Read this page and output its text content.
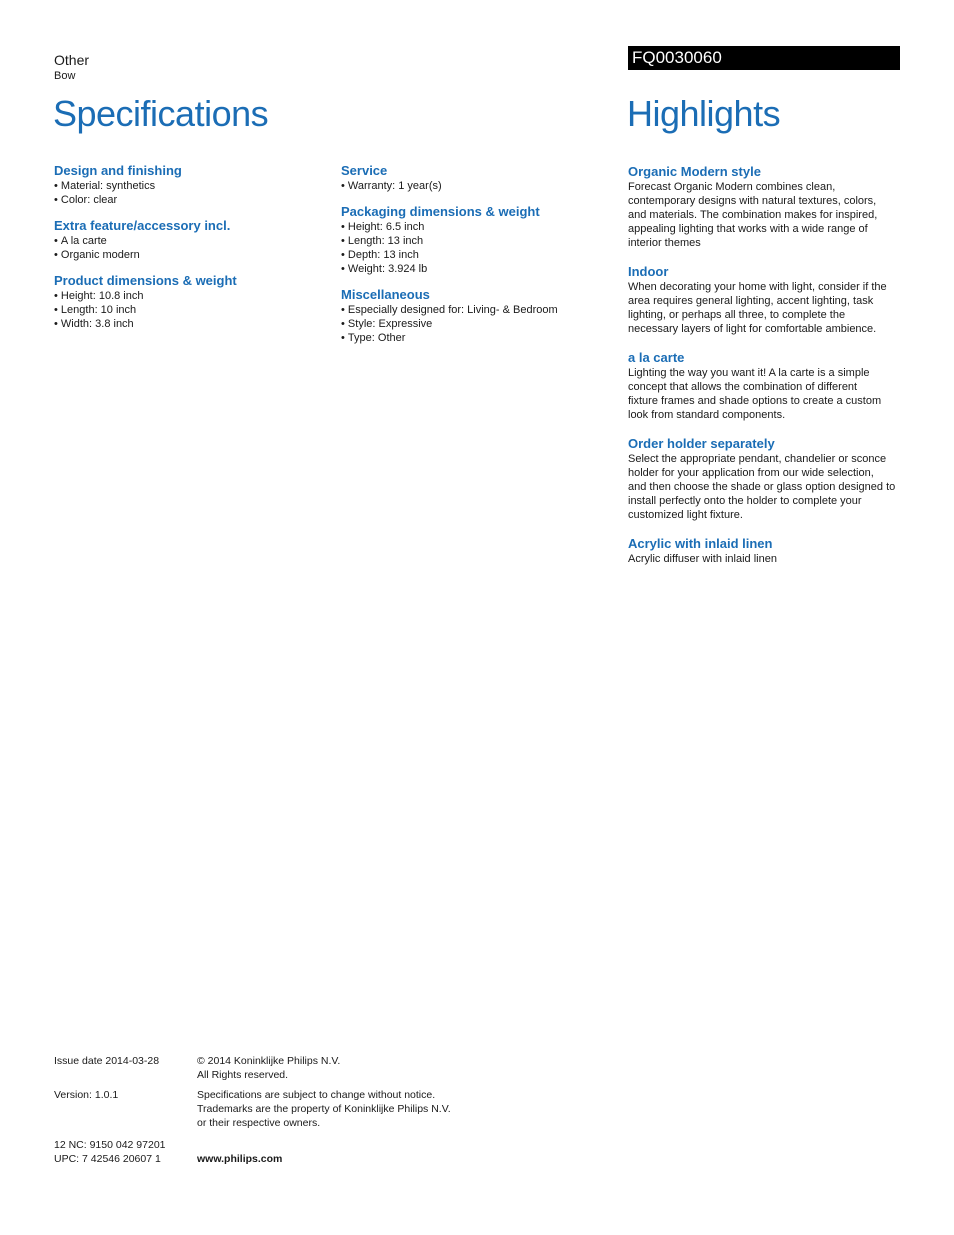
Other
Bow
FQ0030060
Specifications	Highlights
Design and finishing
• Material: synthetics
• Color: clear
Extra feature/accessory incl.
• A la carte
• Organic modern
Product dimensions & weight
• Height: 10.8 inch
• Length: 10 inch
• Width: 3.8 inch
Service
• Warranty: 1 year(s)
Packaging dimensions & weight
• Height: 6.5 inch
• Length: 13 inch
• Depth: 13 inch
• Weight: 3.924 lb
Miscellaneous
• Especially designed for: Living- & Bedroom
• Style: Expressive
• Type: Other
Organic Modern style
Forecast Organic Modern combines clean,
contemporary designs with natural textures, colors,
and materials. The combination makes for inspired,
appealing lighting that works with a wide range of
interior themes
Indoor
When decorating your home with light, consider if the
area requires general lighting, accent lighting, task
lighting, or perhaps all three, to complete the
necessary layers of light for comfortable ambience.
a la carte
Lighting the way you want it! A la carte is a simple
concept that allows the combination of different
fixture frames and shade options to create a custom
look from standard components.
Order holder separately
Select the appropriate pendant, chandelier or sconce
holder for your application from our wide selection,
and then choose the shade or glass option designed to
install perfectly onto the holder to complete your
customized light fixture.
Acrylic with inlaid linen
Acrylic diffuser with inlaid linen
Issue date 2014-03-28	© 2014 Koninklijke Philips N.V.
All Rights reserved.
Version: 1.0.1	Specifications are subject to change without notice.
Trademarks are the property of Koninklijke Philips N.V.
or their respective owners.
12 NC: 9150 042 97201
UPC: 7 42546 20607 1	www.philips.com
